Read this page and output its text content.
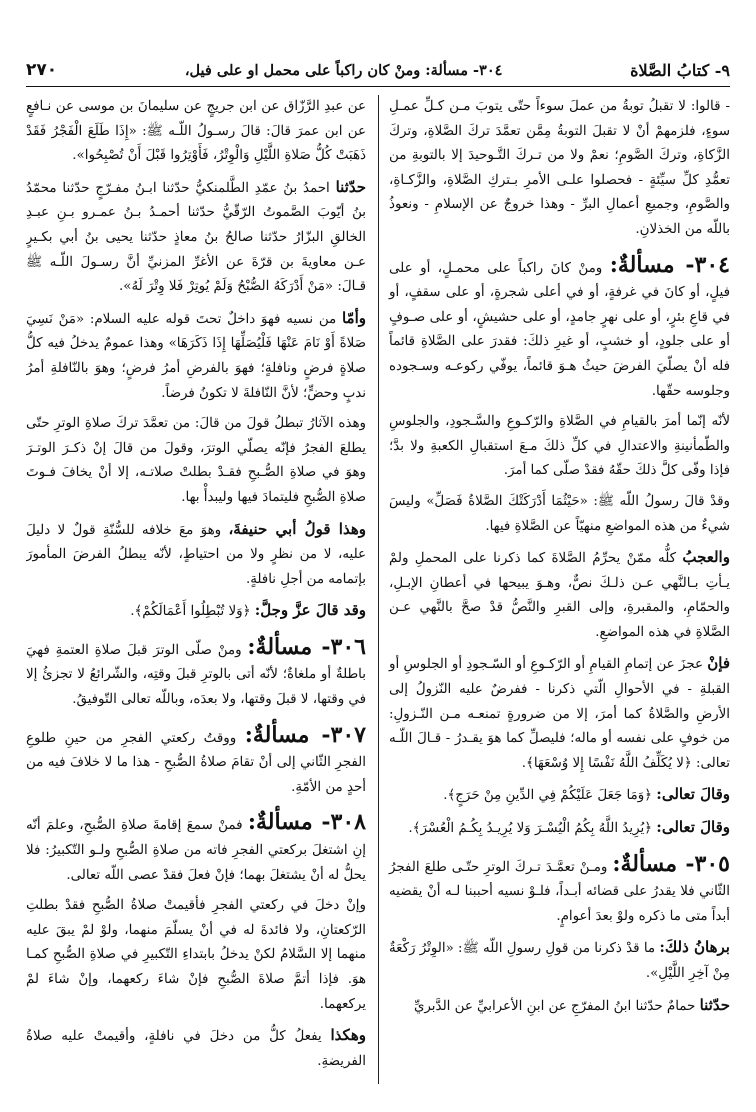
٩- كتابُ الصَّلاة
٣٠٤- مسألة: ومنْ كان راكباً على محمل او على فيل،
٢٧٠

- قالوا: لا تقبلُ توبةُ من عملَ سوءاً حتّى يتوبَ مـن كـلِّ عمـلِ سوءٍ، فلزمهمْ أنْ لا تقبلَ التوبةُ مِمَّن تعمَّدَ تركَ الصَّلاةِ، وتركَ الزَّكاةِ، وتركَ الصَّومِ؛ نعمْ ولا من تـركَ التَّـوحيدَ إلا بالتوبةِ من تعمُّدِ كلِّ سيِّئةٍ - فحصلوا علـى الأمرِ بـتركِ الصَّلاةِ، والزَّكـاةِ، والصَّومِ، وجميعِ أعمالِ البرِّ - وهذا خروجٌ عن الإسلامِ - ونعوذُ باللّه من الخذلانِ.

٣٠٤- مسألةٌ: ومنْ كانَ راكباً على محمـلٍ، أو على فيلٍ، أو كانَ في غرفةٍ، أو في أعلى شجرةٍ، أو على سقفٍ، أو في قاعِ بئرٍ، أو على نهرٍ جامدٍ، أو على حشيشٍ، أو على صـوفٍ أو على جلودٍ، أو خشبٍ، أو غيرِ ذلكَ: فقدرَ على الصَّلاةِ قائماً فله أنْ يصلّيَ الفرضَ حيثُ هـوَ قائماً، يوفّي ركوعـه وسـجوده وجلوسه حقّها.

لأنّه إنّما أمرَ بالقيامِ في الصَّلاةِ والرّكـوعِ والسَّـجودِ، والجلوسِ والطّمأنينةِ والاعتدالِ في كلِّ ذلكَ مـعَ استقبالِ الكعبةِ ولا بدَّ؛ فإذا وفّى كلَّ ذلكَ حقّهُ فقدْ صلّى كما أمرَ.

وقدْ قالَ رسولُ اللّه ﷺ: «حَيْثُمَا أَدْرَكَتْكَ الصَّلاةُ فَصَلِّ» وليسَ شيءٌ من هذه المواضعِ منهيّاً عن الصَّلاةِ فيها.

والعجبُ كلُّه ممّنْ يحرِّمُ الصَّلاةَ كما ذكرنا على المحملِ ولمْ يـأتِ بـالنَّهي عـن ذلـكَ نصٌّ، وهـوَ يبيحها في أعطانِ الإبـلِ، والحمّامِ، والمقبرةِ، وإلى القبرِ والنَّصُّ قدْ صحَّ بالنَّهي عـن الصَّلاةِ في هذه المواضعِ.

فإنْ عجزَ عن إتمامِ القيامِ أو الرّكـوعِ أو السّـجودِ أو الجلوسِ أو القبلةِ - في الأحوالِ الّتي ذكرنا - ففرضٌ عليه النّزولُ إلى الأرضِ والصَّلاةُ كما أمرَ، إلا من ضرورةٍ تمنعـه مـن النّـزولِ: من خوفٍ على نفسه أو ماله؛ فليصلِّ كما هوَ يقـدرُ - قـالَ اللّـه تعالى: ﴿لا يُكَلِّفُ اللَّهُ نَفْسًا إِلا وُسْعَهَا﴾.

وقالَ تعالى: ﴿وَمَا جَعَلَ عَلَيْكُمْ فِي الدِّينِ مِنْ حَرَجٍ﴾.

وقالَ تعالى: ﴿يُرِيدُ اللَّهُ بِكُمُ الْيُسْـرَ وَلا يُرِيـدُ بِكُـمُ الْعُسْرَ﴾.

٣٠٥- مسألةٌ: ومـنْ تعمَّـدَ تـركَ الوترِ حتّـى طلعَ الفجرُ الثّاني فلا يقدرُ على قضائه أبـداً، فلـوْ نسيه أحببنا لـه أنْ يقضيه أبداً متى ما ذكره ولوْ بعدَ أعوامٍ.

برهانُ ذلكَ: ما قدْ ذكرنا من قولِ رسولِ اللّه ﷺ: «الوِتْرُ رَكْعَةٌ مِنْ آخِرِ اللَّيْلِ».

حدّثنا حمامٌ حدّثنا ابنُ المفرّجِ عن ابنِ الأعرابيِّ عن الدَّبريِّ

عن عبدِ الرَّزّاق عن ابن جريجٍ عن سليمانَ بن موسى عن نـافعٍ عن ابن عمرَ قالَ: قالَ رسـولُ اللّـه ﷺ: «إِذَا طَلَعَ الْفَجْرُ فَقَدْ ذَهَبَتْ كُلُّ صَلاةِ اللَّيْلِ وَالْوِتْرُ، فَأَوْتِرُوا قَبْلَ أَنْ تُصْبِحُوا».

حدّثنا احمدُ بنُ عمّدِ الطَّلمنكيُّ حدّثنا ابـنُ مفـرّجٍ حدّثنا محمّدُ بنُ أيّوبَ الصَّموتُ الرّقّيُّ حدّثنا أحمـدُ بـنُ عمـرو بـنِ عبـدِ الخالقِ البزّارُ حدّثنا صالحُ بنُ معاذٍ حدّثنا يحيى بنُ أبي بكـيرٍ عـن معاويةَ بن قرّةَ عن الأغرِّ المزنيِّ أنَّ رسـولَ اللّـه ﷺ قـالَ: «مَنْ أَدْرَكَهُ الصُّبْحُ وَلَمْ يُوتِرْ فَلا وِتْرَ لَهُ».

وأمّا من نسيه فهوَ داخلٌ تحتَ قوله عليه السلام: «مَنْ نَسِيَ صَلاةً أَوْ نَامَ عَنْهَا فَلْيُصَلِّهَا إِذَا ذَكَرَهَا» وهذا عمومٌ يدخلُ فيه كلُّ صلاةٍ فرضٍ ونافلةٍ؛ فهوَ بالفرضِ أمرُ فرضٍ؛ وهوَ بالنّافلةِ أمرُ ندبٍ وحضٍّ؛ لأنَّ النّافلةَ لا تكونُ فرضاً.

وهذه الآثارُ تبطلُ قولَ من قالَ: من تعمَّدَ تركَ صلاةِ الوترِ حتّى يطلعَ الفجرُ فإنّه يصلّي الوترَ، وقولَ من قالَ إنْ ذكـرَ الوتـرَ وهوَ في صلاةِ الصُّـبحِ فقـدْ بطلتْ صلاتـه، إلا أنْ يخافَ فـوتَ صلاةِ الصُّبحِ فليتمادَ فيها وليبدأْ بها.

وهذا قولُ أبي حنيفةَ، وهوَ معَ خلافه للسُّنّةِ قولٌ لا دليلَ عليه، لا من نظرٍ ولا من احتياطٍ، لأنّه يبطلُ الفرضَ المأمورَ بإتمامه من أجلِ نافلةٍ.

وقد قالَ عزَّ وجلَّ: ﴿وَلا تُبْطِلُوا أَعْمَالَكُمْ﴾.

٣٠٦- مسألةٌ: ومنْ صلّى الوترَ قبلَ صلاةِ العتمةِ فهيَ باطلةٌ أو ملغاةٌ؛ لأنّه أتى بالوترِ قبلَ وقتِه، والشّرائعُ لا تجزئُ إلا في وقتها، لا قبلَ وقتها، ولا بعدَه، وباللّه تعالى التّوفيقُ.

٣٠٧- مسألةٌ: ووقتُ ركعتي الفجرِ من حينِ طلوعِ الفجرِ الثّاني إلى أنْ تقامَ صلاةُ الصُّبحِ - هذا ما لا خلافَ فيه من أحدٍ من الأمّةِ.

٣٠٨- مسألةٌ: فمنْ سمعَ إقامةَ صلاةِ الصُّبحِ، وعلمَ أنّه إنِ اشتغلَ بركعتي الفجرِ فاته من صلاةِ الصُّبحِ ولـو التّكبيرُ: فلا يحلُّ له أنْ يشتغلَ بهما؛ فإنْ فعلَ فقدْ عصى اللّه تعالى.

وإنْ دخلَ في ركعتي الفجرِ فأقيمتْ صلاةُ الصُّبحِ فقدْ بطلتِ الرّكعتانِ، ولا فائدةَ له في أنْ يسلّمَ منهما، ولوْ لمْ يبقَ عليه منهما إلا السَّلامُ لكنْ يدخلُ بابتداءِ التّكبيرِ في صلاةِ الصُّبحِ كمـا هوَ. فإذا أتمَّ صلاةَ الصُّبحِ فإنْ شاءَ ركعهما، وإنْ شاءَ لمْ يركعهما.

وهكذا يفعلُ كلُّ من دخلَ في نافلةٍ، وأقيمتْ عليه صلاةُ الفريضةِ.
